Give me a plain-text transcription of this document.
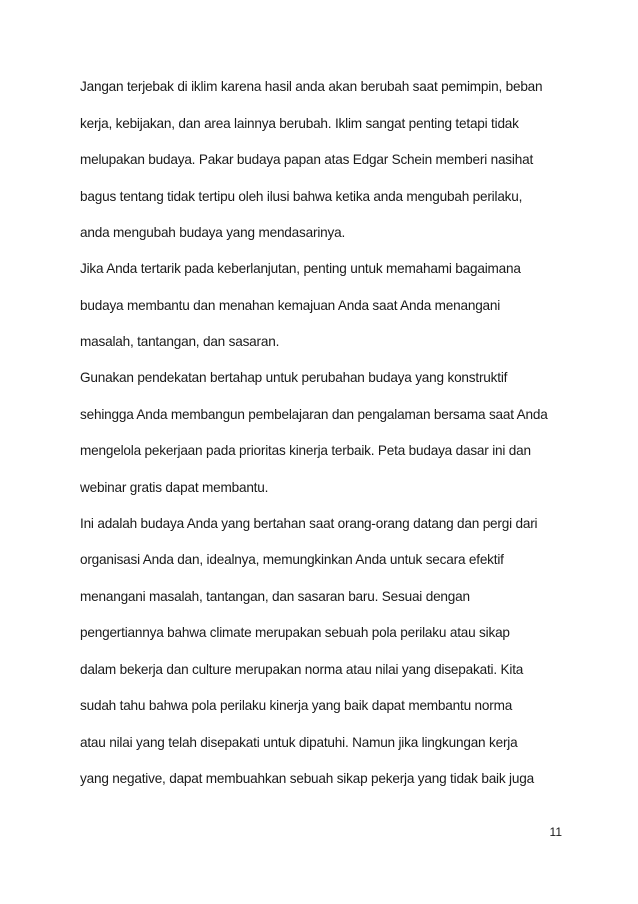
Jangan terjebak di iklim karena hasil anda akan berubah saat pemimpin, beban
kerja, kebijakan, dan area lainnya berubah. Iklim sangat penting tetapi tidak
melupakan budaya. Pakar budaya papan atas Edgar Schein memberi nasihat
bagus tentang tidak tertipu oleh ilusi bahwa ketika anda mengubah perilaku,
anda mengubah budaya yang mendasarinya.
Jika Anda tertarik pada keberlanjutan, penting untuk memahami bagaimana
budaya membantu dan menahan kemajuan Anda saat Anda menangani
masalah, tantangan, dan sasaran.
Gunakan pendekatan bertahap untuk perubahan budaya yang konstruktif
sehingga Anda membangun pembelajaran dan pengalaman bersama saat Anda
mengelola pekerjaan pada prioritas kinerja terbaik. Peta budaya dasar ini dan
webinar gratis dapat membantu.
Ini adalah budaya Anda yang bertahan saat orang-orang datang dan pergi dari
organisasi Anda dan, idealnya, memungkinkan Anda untuk secara efektif
menangani masalah, tantangan, dan sasaran baru. Sesuai dengan
pengertiannya bahwa climate merupakan sebuah pola perilaku atau sikap
dalam bekerja dan culture merupakan norma atau nilai yang disepakati. Kita
sudah tahu bahwa pola perilaku kinerja yang baik dapat membantu norma
atau nilai yang telah disepakati untuk dipatuhi. Namun jika lingkungan kerja
yang negative, dapat membuahkan sebuah sikap pekerja yang tidak baik juga
11
